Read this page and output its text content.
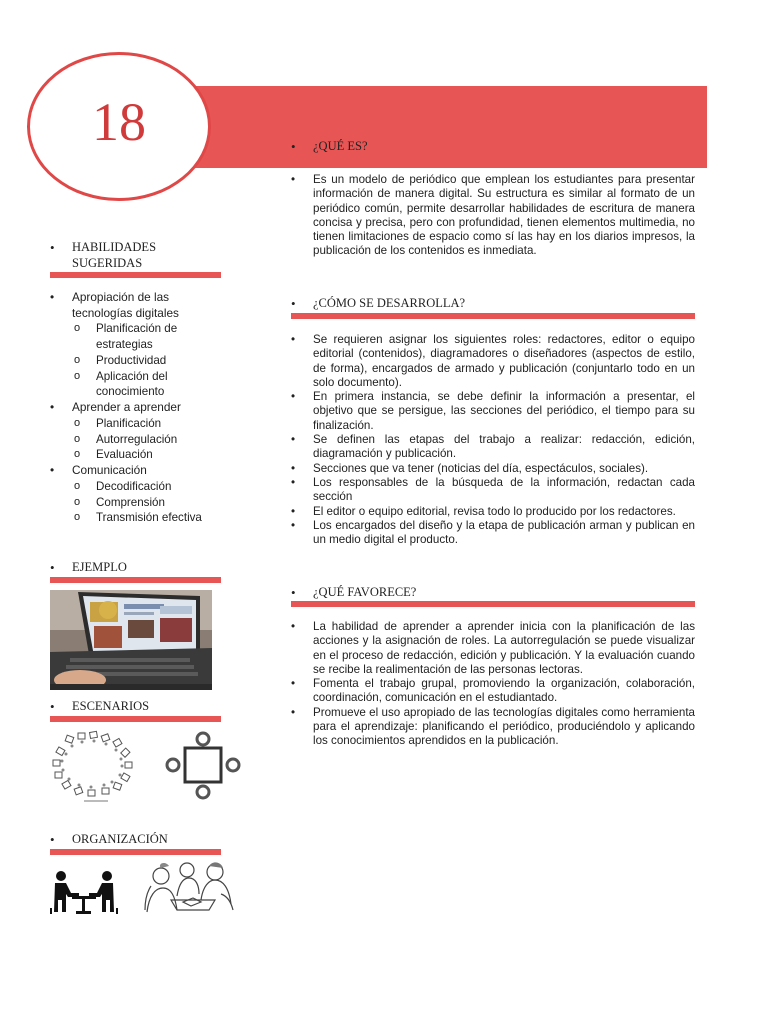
18
• HABILIDADES SUGERIDAS
• Apropiación de las tecnologías digitales
o Planificación de estrategias
o Productividad
o Aplicación del conocimiento
• Aprender a aprender
o Planificación
o Autorregulación
o Evaluación
• Comunicación
o Decodificación
o Comprensión
o Transmisión efectiva
• EJEMPLO
• ESCENARIOS
• ORGANIZACIÓN
• ¿QUÉ ES?
• Es un modelo de periódico que emplean los estudiantes para presentar información de manera digital. Su estructura es similar al formato de un periódico común, permite desarrollar habilidades de escritura de manera concisa y precisa, pero con profundidad, tienen elementos multimedia, no tienen limitaciones de espacio como sí las hay en los diarios impresos, la publicación de los contenidos es inmediata.
• ¿CÓMO SE DESARROLLA?
• Se requieren asignar los siguientes roles: redactores, editor o equipo editorial (contenidos), diagramadores o diseñadores (aspectos de estilo, de forma), encargados de armado y publicación (conjuntarlo todo en un solo documento).
• En primera instancia, se debe definir la información a presentar, el objetivo que se persigue, las secciones del periódico, el tiempo para su finalización.
• Se definen las etapas del trabajo a realizar: redacción, edición, diagramación y publicación.
• Secciones que va tener (noticias del día, espectáculos, sociales).
• Los responsables de la búsqueda de la información, redactan cada sección
• El editor o equipo editorial, revisa todo lo producido por los redactores.
• Los encargados del diseño y la etapa de publicación arman y publican en un medio digital el producto.
• ¿QUÉ FAVORECE?
• La habilidad de aprender a aprender inicia con la planificación de las acciones y la asignación de roles. La autorregulación se puede visualizar en el proceso de redacción, edición y publicación. Y la evaluación cuando se recibe la realimentación de las personas lectoras.
• Fomenta el trabajo grupal, promoviendo la organización, colaboración, coordinación, comunicación en el estudiantado.
• Promueve el uso apropiado de las tecnologías digitales como herramienta para el aprendizaje: planificando el periódico, produciéndolo y aplicando los conocimientos aprendidos en la publicación.
